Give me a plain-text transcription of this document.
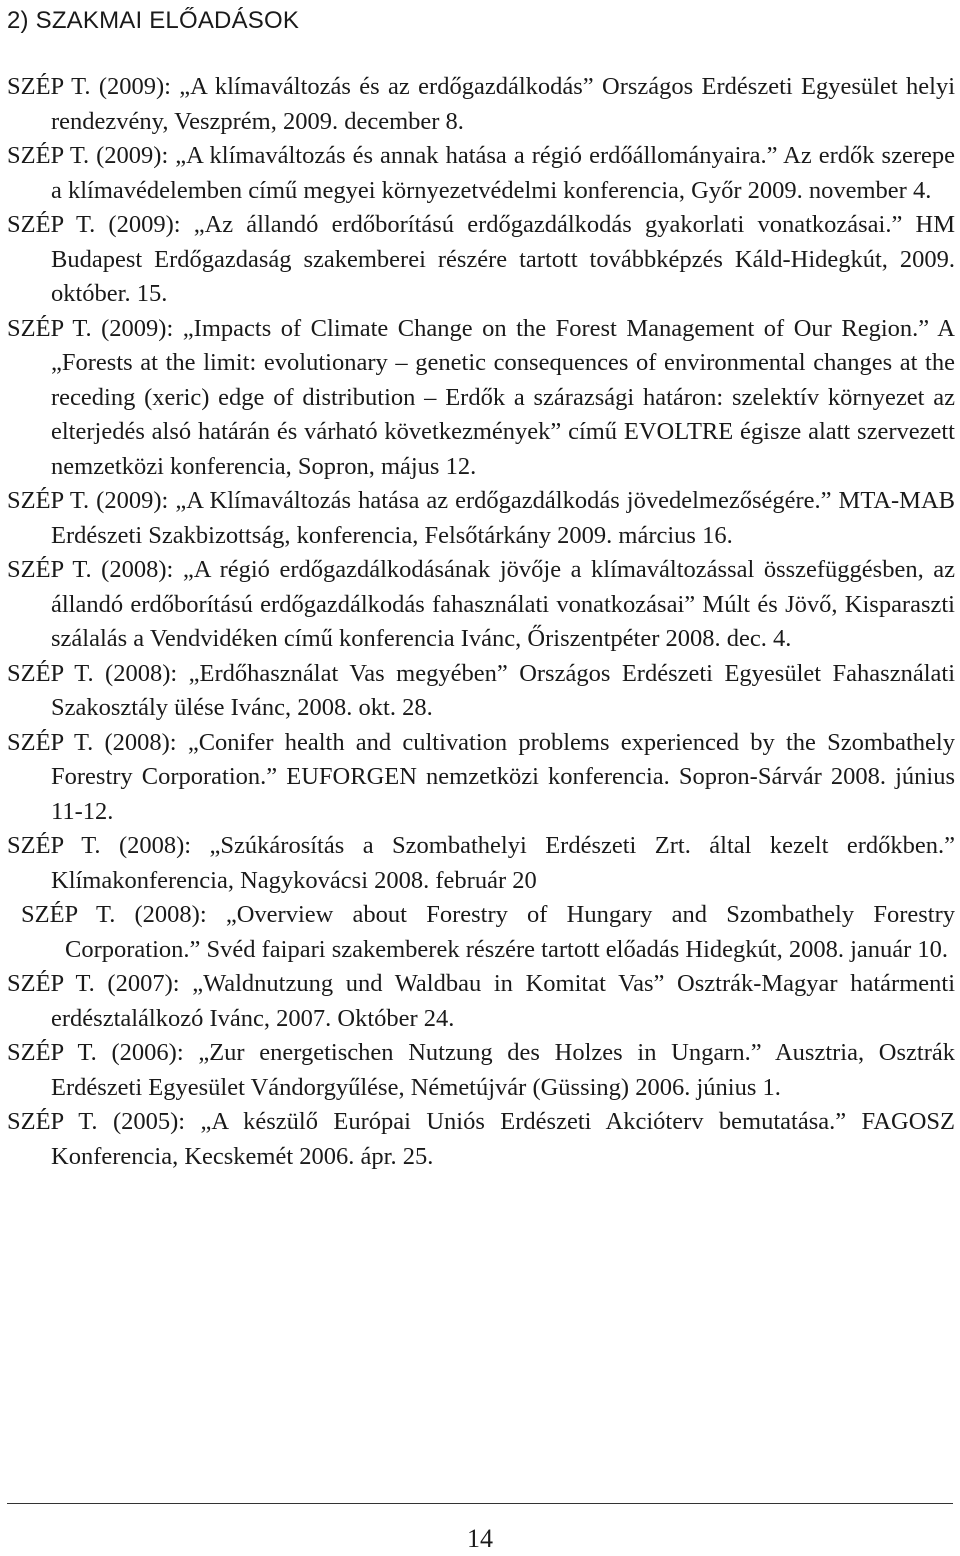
2) SZAKMAI ELŐADÁSOK

SZÉP T. (2009): „A klímaváltozás és az erdőgazdálkodás” Országos Erdészeti Egyesület helyi rendezvény, Veszprém, 2009. december 8.

SZÉP T. (2009): „A klímaváltozás és annak hatása a régió erdőállományaira.” Az erdők szerepe a klímavédelemben című megyei környezetvédelmi konferencia, Győr 2009. november 4.

SZÉP T. (2009): „Az állandó erdőborítású erdőgazdálkodás gyakorlati vonatkozásai.” HM Budapest Erdőgazdaság szakemberei részére tartott továbbképzés Káld-Hidegkút, 2009. október. 15.

SZÉP T. (2009): „Impacts of Climate Change on the Forest Management of Our Region.” A „Forests at the limit: evolutionary – genetic consequences of environmental changes at the receding (xeric) edge of distribution – Erdők a szárazsági határon: szelektív környezet az elterjedés alsó határán és várható következmények” című EVOLTRE égisze alatt szervezett nemzetközi konferencia, Sopron, május 12.

SZÉP T. (2009): „A Klímaváltozás hatása az erdőgazdálkodás jövedelmezőségére.” MTA-MAB Erdészeti Szakbizottság, konferencia, Felsőtárkány 2009. március 16.

SZÉP T. (2008): „A régió erdőgazdálkodásának jövője a klímaváltozással összefüggésben, az állandó erdőborítású erdőgazdálkodás fahasználati vonatkozásai” Múlt és Jövő, Kisparaszti szálalás a Vendvidéken című konferencia Ivánc, Őriszentpéter 2008. dec. 4.

SZÉP T. (2008): „Erdőhasználat Vas megyében” Országos Erdészeti Egyesület Fahasználati Szakosztály ülése Ivánc, 2008. okt. 28.

SZÉP T. (2008): „Conifer health and cultivation problems experienced by the Szombathely Forestry Corporation.” EUFORGEN nemzetközi konferencia. Sopron-Sárvár 2008. június 11-12.

SZÉP T. (2008): „Szúkárosítás a Szombathelyi Erdészeti Zrt. által kezelt erdőkben.” Klímakonferencia, Nagykovácsi 2008. február 20

SZÉP T. (2008): „Overview about Forestry of Hungary and Szombathely Forestry Corporation.” Svéd faipari szakemberek részére tartott előadás Hidegkút, 2008. január 10.

SZÉP T. (2007): „Waldnutzung und Waldbau in Komitat Vas” Osztrák-Magyar határmenti erdésztalálkozó Ivánc, 2007. Október 24.

SZÉP T. (2006): „Zur energetischen Nutzung des Holzes in Ungarn.” Ausztria, Osztrák Erdészeti Egyesület Vándorgyűlése, Németújvár (Güssing) 2006. június 1.

SZÉP T. (2005): „A készülő Európai Uniós Erdészeti Akcióterv bemutatása.” FAGOSZ Konferencia, Kecskemét 2006. ápr. 25.

14
